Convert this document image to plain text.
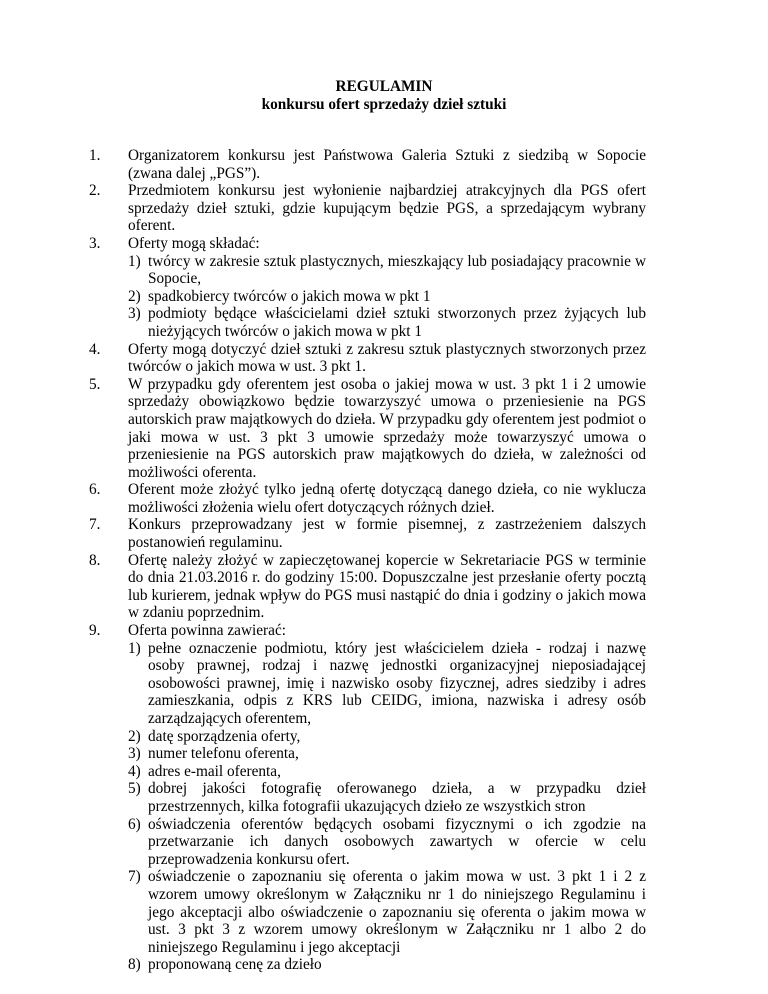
REGULAMIN
konkursu ofert sprzedaży dzieł sztuki
1. Organizatorem konkursu jest Państwowa Galeria Sztuki z siedzibą w Sopocie (zwana dalej „PGS”).
2. Przedmiotem konkursu jest wyłonienie najbardziej atrakcyjnych dla PGS ofert sprzedaży dzieł sztuki, gdzie kupującym będzie PGS, a sprzedającym wybrany oferent.
3. Oferty mogą składać:
1) twórcy w zakresie sztuk plastycznych, mieszkający lub posiadający pracownie w Sopocie,
2) spadkobiercy twórców o jakich mowa w pkt 1
3) podmioty będące właścicielami dzieł sztuki stworzonych przez żyjących lub nieżyjących twórców o jakich mowa w pkt 1
4. Oferty mogą dotyczyć dzieł sztuki z zakresu sztuk plastycznych stworzonych przez twórców o jakich mowa w ust. 3 pkt 1.
5. W przypadku gdy oferentem jest osoba o jakiej mowa w ust. 3 pkt 1 i 2 umowie sprzedaży obowiązkowo będzie towarzyszyć umowa o przeniesienie na PGS autorskich praw majątkowych do dzieła. W przypadku gdy oferentem jest podmiot o jaki mowa w ust. 3 pkt 3 umowie sprzedaży może towarzyszyć umowa o przeniesienie na PGS autorskich praw majątkowych do dzieła, w zależności od możliwości oferenta.
6. Oferent może złożyć tylko jedną ofertę dotyczącą danego dzieła, co nie wyklucza możliwości złożenia wielu ofert dotyczących różnych dzieł.
7. Konkurs przeprowadzany jest w formie pisemnej, z zastrzeżeniem dalszych postanowień regulaminu.
8. Ofertę należy złożyć w zapieczętowanej kopercie w Sekretariacie PGS w terminie do dnia 21.03.2016 r. do godziny 15:00. Dopuszczalne jest przesłanie oferty pocztą lub kurierem, jednak wpływ do PGS musi nastąpić do dnia i godziny o jakich mowa w zdaniu poprzednim.
9. Oferta powinna zawierać:
1) pełne oznaczenie podmiotu, który jest właścicielem dzieła - rodzaj i nazwę osoby prawnej, rodzaj i nazwę jednostki organizacyjnej nieposiadającej osobowości prawnej, imię i nazwisko osoby fizycznej, adres siedziby i adres zamieszkania, odpis z KRS lub CEIDG, imiona, nazwiska i adresy osób zarządzających oferentem,
2) datę sporządzenia oferty,
3) numer telefonu oferenta,
4) adres e-mail oferenta,
5) dobrej jakości fotografię oferowanego dzieła, a w przypadku dzieł przestrzennych, kilka fotografii ukazujących dzieło ze wszystkich stron
6) oświadczenia oferentów będących osobami fizycznymi o ich zgodzie na przetwarzanie ich danych osobowych zawartych w ofercie w celu przeprowadzenia konkursu ofert.
7) oświadczenie o zapoznaniu się oferenta o jakim mowa w ust. 3 pkt 1 i 2 z wzorem umowy określonym w Załączniku nr 1 do niniejszego Regulaminu i jego akceptacji albo oświadczenie o zapoznaniu się oferenta o jakim mowa w ust. 3 pkt 3 z wzorem umowy określonym w Załączniku nr 1 albo 2 do niniejszego Regulaminu i jego akceptacji
8) proponowaną cenę za dzieło
